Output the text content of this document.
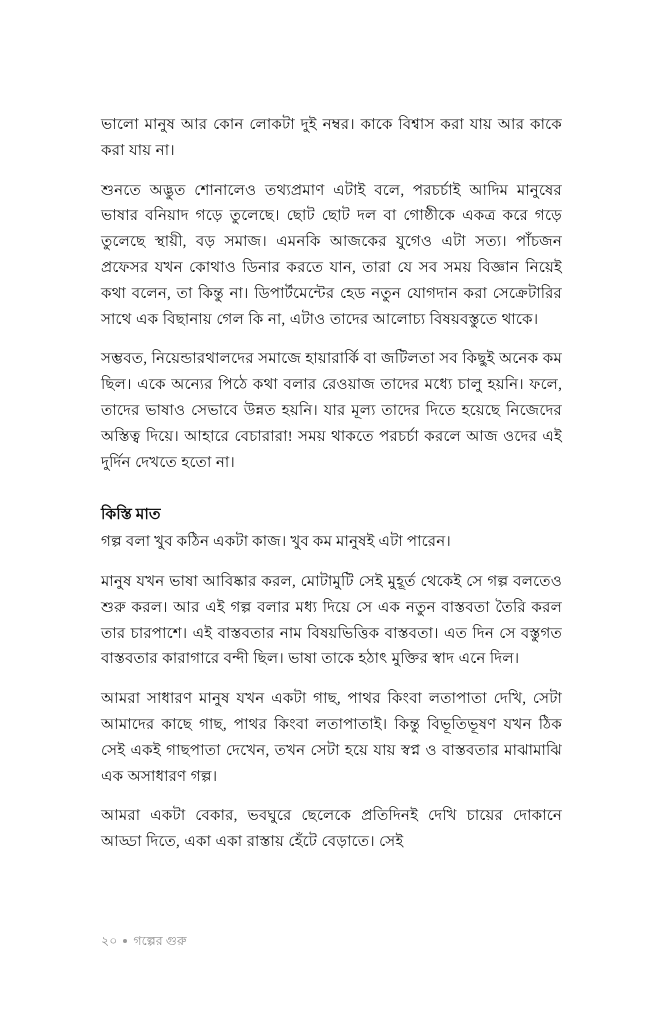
ভালো মানুষ আর কোন লোকটা দুই নম্বর। কাকে বিশ্বাস করা যায় আর কাকে করা যায় না।

শুনতে অদ্ভুত শোনালেও তথ্যপ্রমাণ এটাই বলে, পরচর্চাই আদিম মানুষের ভাষার বনিয়াদ গড়ে তুলেছে। ছোট ছোট দল বা গোষ্ঠীকে একত্র করে গড়ে তুলেছে স্থায়ী, বড় সমাজ। এমনকি আজকের যুগেও এটা সত্য। পাঁচজন প্রফেসর যখন কোথাও ডিনার করতে যান, তারা যে সব সময় বিজ্ঞান নিয়েই কথা বলেন, তা কিন্তু না। ডিপার্টমেন্টের হেড নতুন যোগদান করা সেক্রেটারির সাথে এক বিছানায় গেল কি না, এটাও তাদের আলোচ্য বিষয়বস্তুতে থাকে।

সম্ভবত, নিয়েন্ডারথালদের সমাজে হায়ারার্কি বা জটিলতা সব কিছুই অনেক কম ছিল। একে অন্যের পিঠে কথা বলার রেওয়াজ তাদের মধ্যে চালু হয়নি। ফলে, তাদের ভাষাও সেভাবে উন্নত হয়নি। যার মূল্য তাদের দিতে হয়েছে নিজেদের অস্তিত্ব দিয়ে। আহারে বেচারারা! সময় থাকতে পরচর্চা করলে আজ ওদের এই দুর্দিন দেখতে হতো না।

কিস্তি মাত

গল্প বলা খুব কঠিন একটা কাজ। খুব কম মানুষই এটা পারেন।

মানুষ যখন ভাষা আবিষ্কার করল, মোটামুটি সেই মুহূর্ত থেকেই সে গল্প বলতেও শুরু করল। আর এই গল্প বলার মধ্য দিয়ে সে এক নতুন বাস্তবতা তৈরি করল তার চারপাশে। এই বাস্তবতার নাম বিষয়ভিত্তিক বাস্তবতা। এত দিন সে বস্তুগত বাস্তবতার কারাগারে বন্দী ছিল। ভাষা তাকে হঠাৎ মুক্তির স্বাদ এনে দিল।

আমরা সাধারণ মানুষ যখন একটা গাছ, পাথর কিংবা লতাপাতা দেখি, সেটা আমাদের কাছে গাছ, পাথর কিংবা লতাপাতাই। কিন্তু বিভূতিভূষণ যখন ঠিক সেই একই গাছপাতা দেখেন, তখন সেটা হয়ে যায় স্বপ্ন ও বাস্তবতার মাঝামাঝি এক অসাধারণ গল্প।

আমরা একটা বেকার, ভবঘুরে ছেলেকে প্রতিদিনই দেখি চায়ের দোকানে আড্ডা দিতে, একা একা রাস্তায় হেঁটে বেড়াতে। সেই

২০ গল্পের গুরু
